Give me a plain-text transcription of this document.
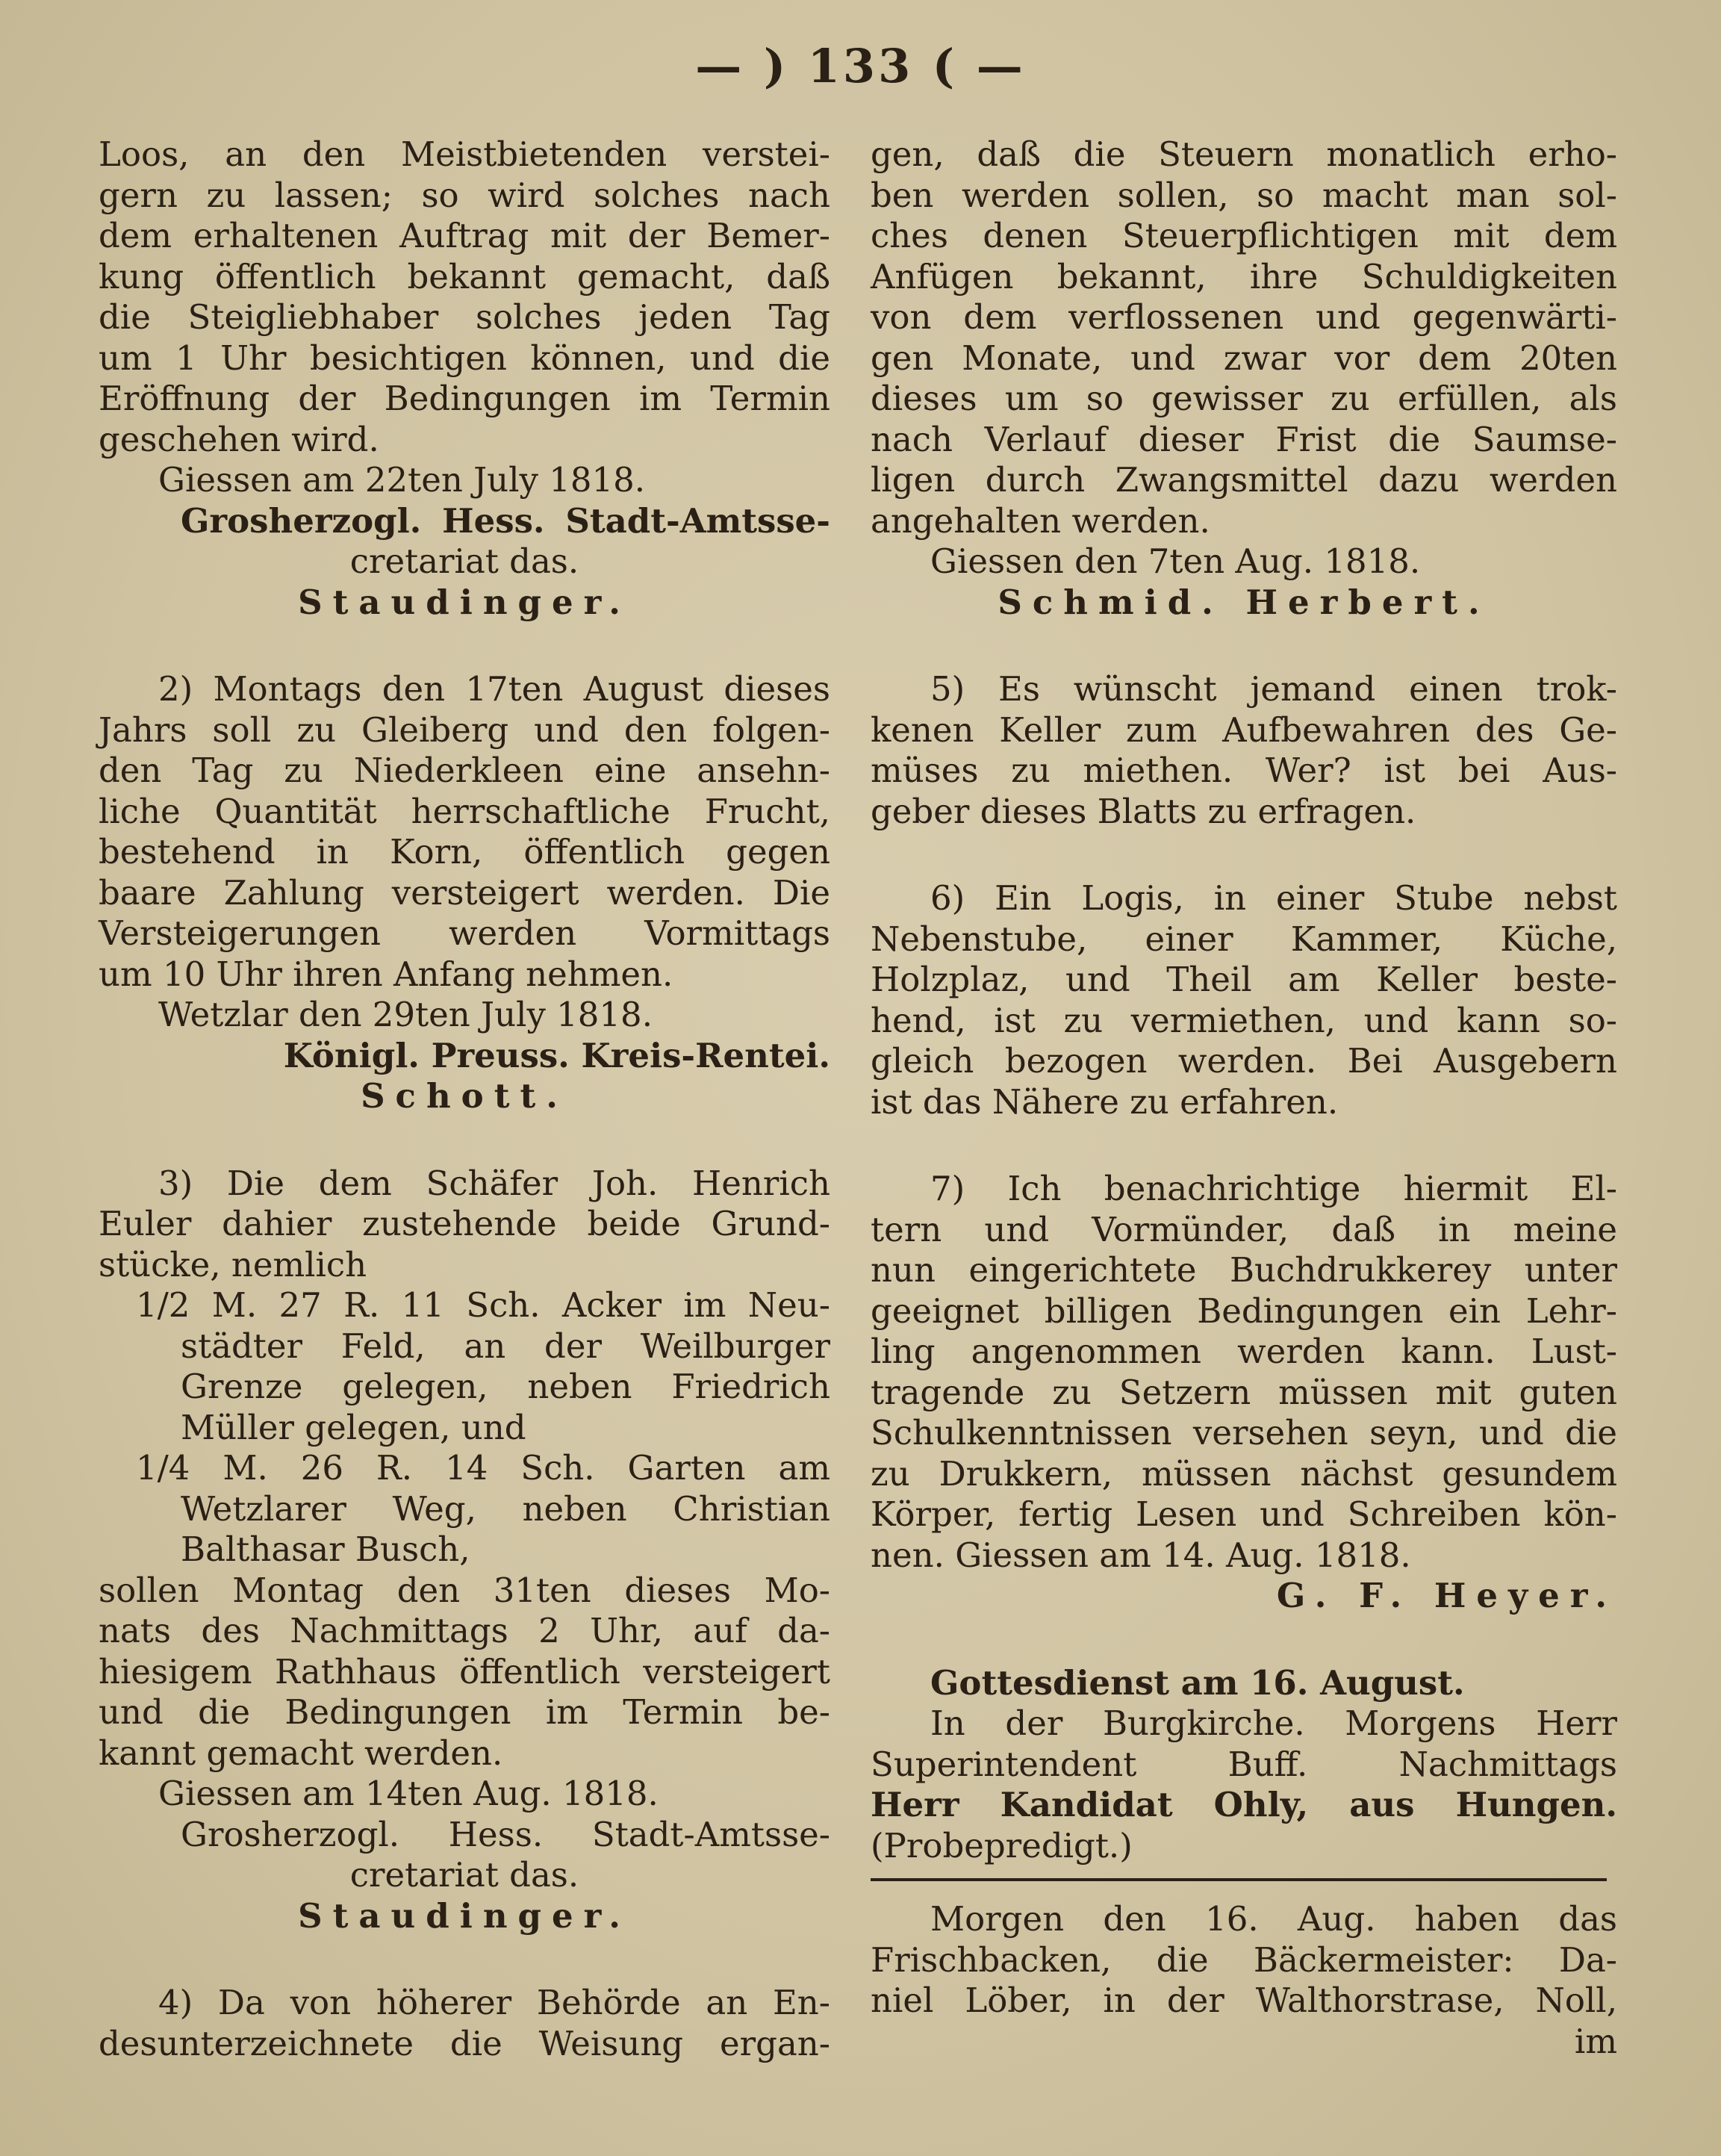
— ) 133 ( —
Loos, an den Meistbietenden verstei-
gern zu lassen; so wird solches nach
dem erhaltenen Auftrag mit der Bemer-
kung öffentlich bekannt gemacht, daß
die Steigliebhaber solches jeden Tag
um 1 Uhr besichtigen können, und die
Eröffnung der Bedingungen im Termin
geschehen wird.
Giessen am 22ten July 1818.
Grosherzogl. Hess. Stadt-Amtsse-
cretariat das.
Staudinger.
2) Montags den 17ten August dieses
Jahrs soll zu Gleiberg und den folgen-
den Tag zu Niederkleen eine ansehn-
liche Quantität herrschaftliche Frucht,
bestehend in Korn, öffentlich gegen
baare Zahlung versteigert werden. Die
Versteigerungen werden Vormittags
um 10 Uhr ihren Anfang nehmen.
Wetzlar den 29ten July 1818.
Königl. Preuss. Kreis-Rentei.
Schott.
3) Die dem Schäfer Joh. Henrich
Euler dahier zustehende beide Grund-
stücke, nemlich
1/2 M. 27 R. 11 Sch. Acker im Neu-
städter Feld, an der Weilburger
Grenze gelegen, neben Friedrich
Müller gelegen, und
1/4 M. 26 R. 14 Sch. Garten am
Wetzlarer Weg, neben Christian
Balthasar Busch,
sollen Montag den 31ten dieses Mo-
nats des Nachmittags 2 Uhr, auf da-
hiesigem Rathhaus öffentlich versteigert
und die Bedingungen im Termin be-
kannt gemacht werden.
Giessen am 14ten Aug. 1818.
Grosherzogl. Hess. Stadt-Amtsse-
cretariat das.
Staudinger.
4) Da von höherer Behörde an En-
desunterzeichnete die Weisung ergan-
gen, daß die Steuern monatlich erho-
ben werden sollen, so macht man sol-
ches denen Steuerpflichtigen mit dem
Anfügen bekannt, ihre Schuldigkeiten
von dem verflossenen und gegenwärti-
gen Monate, und zwar vor dem 20ten
dieses um so gewisser zu erfüllen, als
nach Verlauf dieser Frist die Saumse-
ligen durch Zwangsmittel dazu werden
angehalten werden.
Giessen den 7ten Aug. 1818.
Schmid. Herbert.
5) Es wünscht jemand einen trok-
kenen Keller zum Aufbewahren des Ge-
müses zu miethen. Wer? ist bei Aus-
geber dieses Blatts zu erfragen.
6) Ein Logis, in einer Stube nebst
Nebenstube, einer Kammer, Küche,
Holzplaz, und Theil am Keller beste-
hend, ist zu vermiethen, und kann so-
gleich bezogen werden. Bei Ausgebern
ist das Nähere zu erfahren.
7) Ich benachrichtige hiermit El-
tern und Vormünder, daß in meine
nun eingerichtete Buchdrukkerey unter
geeignet billigen Bedingungen ein Lehr-
ling angenommen werden kann. Lust-
tragende zu Setzern müssen mit guten
Schulkenntnissen versehen seyn, und die
zu Drukkern, müssen nächst gesundem
Körper, fertig Lesen und Schreiben kön-
nen. Giessen am 14. Aug. 1818.
G. F. Heyer.
Gottesdienst am 16. August.
In der Burgkirche. Morgens Herr
Superintendent Buff. Nachmittags
Herr Kandidat Ohly, aus Hungen.
(Probepredigt.)
Morgen den 16. Aug. haben das
Frischbacken, die Bäckermeister: Da-
niel Löber, in der Walthorstrase, Noll,
im
